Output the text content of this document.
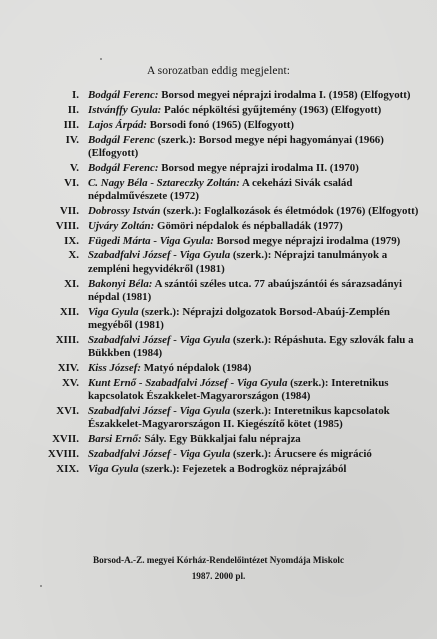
A sorozatban eddig megjelent:
I. Bodgál Ferenc: Borsod megyei néprajzi irodalma I. (1958) (Elfogyott)
II. Istvánffy Gyula: Palóc népköltési gyűjtemény (1963) (Elfogyott)
III. Lajos Árpád: Borsodi fonó (1965) (Elfogyott)
IV. Bodgál Ferenc (szerk.): Borsod megye népi hagyományai (1966) (Elfogyott)
V. Bodgál Ferenc: Borsod megye néprajzi irodalma II. (1970)
VI. C. Nagy Béla - Sztareczky Zoltán: A cekeházi Sivák család népdalművészete (1972)
VII. Dobrossy István (szerk.): Foglalkozások és életmódok (1976) (Elfogyott)
VIII. Ujváry Zoltán: Gömöri népdalok és népballadák (1977)
IX. Fügedi Márta - Viga Gyula: Borsod megye néprajzi irodalma (1979)
X. Szabadfalvi József - Viga Gyula (szerk.): Néprajzi tanulmányok a zempléni hegyvidékről (1981)
XI. Bakonyi Béla: A szántói széles utca. 77 abaújszántói és sárazsadányi népdal (1981)
XII. Viga Gyula (szerk.): Néprajzi dolgozatok Borsod-Abaúj-Zemplén megyéből (1981)
XIII. Szabadfalvi József - Viga Gyula (szerk.): Répáshuta. Egy szlovák falu a Bükkben (1984)
XIV. Kiss József: Matyó népdalok (1984)
XV. Kunt Ernő - Szabadfalvi József - Viga Gyula (szerk.): Interetnikus kapcsolatok Északkelet-Magyarországon (1984)
XVI. Szabadfalvi József - Viga Gyula (szerk.): Interetnikus kapcsolatok Északkelet-Magyarországon II. Kiegészítő kötet (1985)
XVII. Barsi Ernő: Sály. Egy Bükkaljai falu néprajza
XVIII. Szabadfalvi József - Viga Gyula (szerk.): Árucsere és migráció
XIX. Viga Gyula (szerk.): Fejezetek a Bodrogköz néprajzából
Borsod-A.-Z. megyei Kórház-Rendelőintézet Nyomdája Miskolc
1987. 2000 pl.
